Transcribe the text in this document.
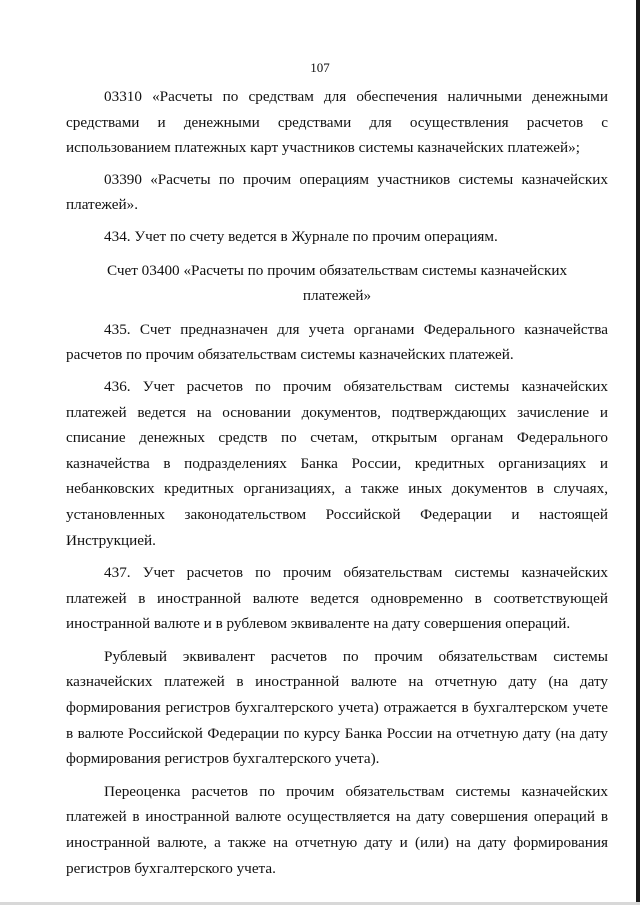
107

03310 «Расчеты по средствам для обеспечения наличными денежными средствами и денежными средствами для осуществления расчетов с использованием платежных карт участников системы казначейских платежей»;

03390 «Расчеты по прочим операциям участников системы казначейских платежей».

434. Учет по счету ведется в Журнале по прочим операциям.

Счет 03400 «Расчеты по прочим обязательствам системы казначейских
платежей»

435. Счет предназначен для учета органами Федерального казначейства расчетов по прочим обязательствам системы казначейских платежей.

436. Учет расчетов по прочим обязательствам системы казначейских платежей ведется на основании документов, подтверждающих зачисление и списание денежных средств по счетам, открытым органам Федерального казначейства в подразделениях Банка России, кредитных организациях и небанковских кредитных организациях, а также иных документов в случаях, установленных законодательством Российской Федерации и настоящей Инструкцией.

437. Учет расчетов по прочим обязательствам системы казначейских платежей в иностранной валюте ведется одновременно в соответствующей иностранной валюте и в рублевом эквиваленте на дату совершения операций.

Рублевый эквивалент расчетов по прочим обязательствам системы казначейских платежей в иностранной валюте на отчетную дату (на дату формирования регистров бухгалтерского учета) отражается в бухгалтерском учете в валюте Российской Федерации по курсу Банка России на отчетную дату (на дату формирования регистров бухгалтерского учета).

Переоценка расчетов по прочим обязательствам системы казначейских платежей в иностранной валюте осуществляется на дату совершения операций в иностранной валюте, а также на отчетную дату и (или) на дату формирования регистров бухгалтерского учета.
